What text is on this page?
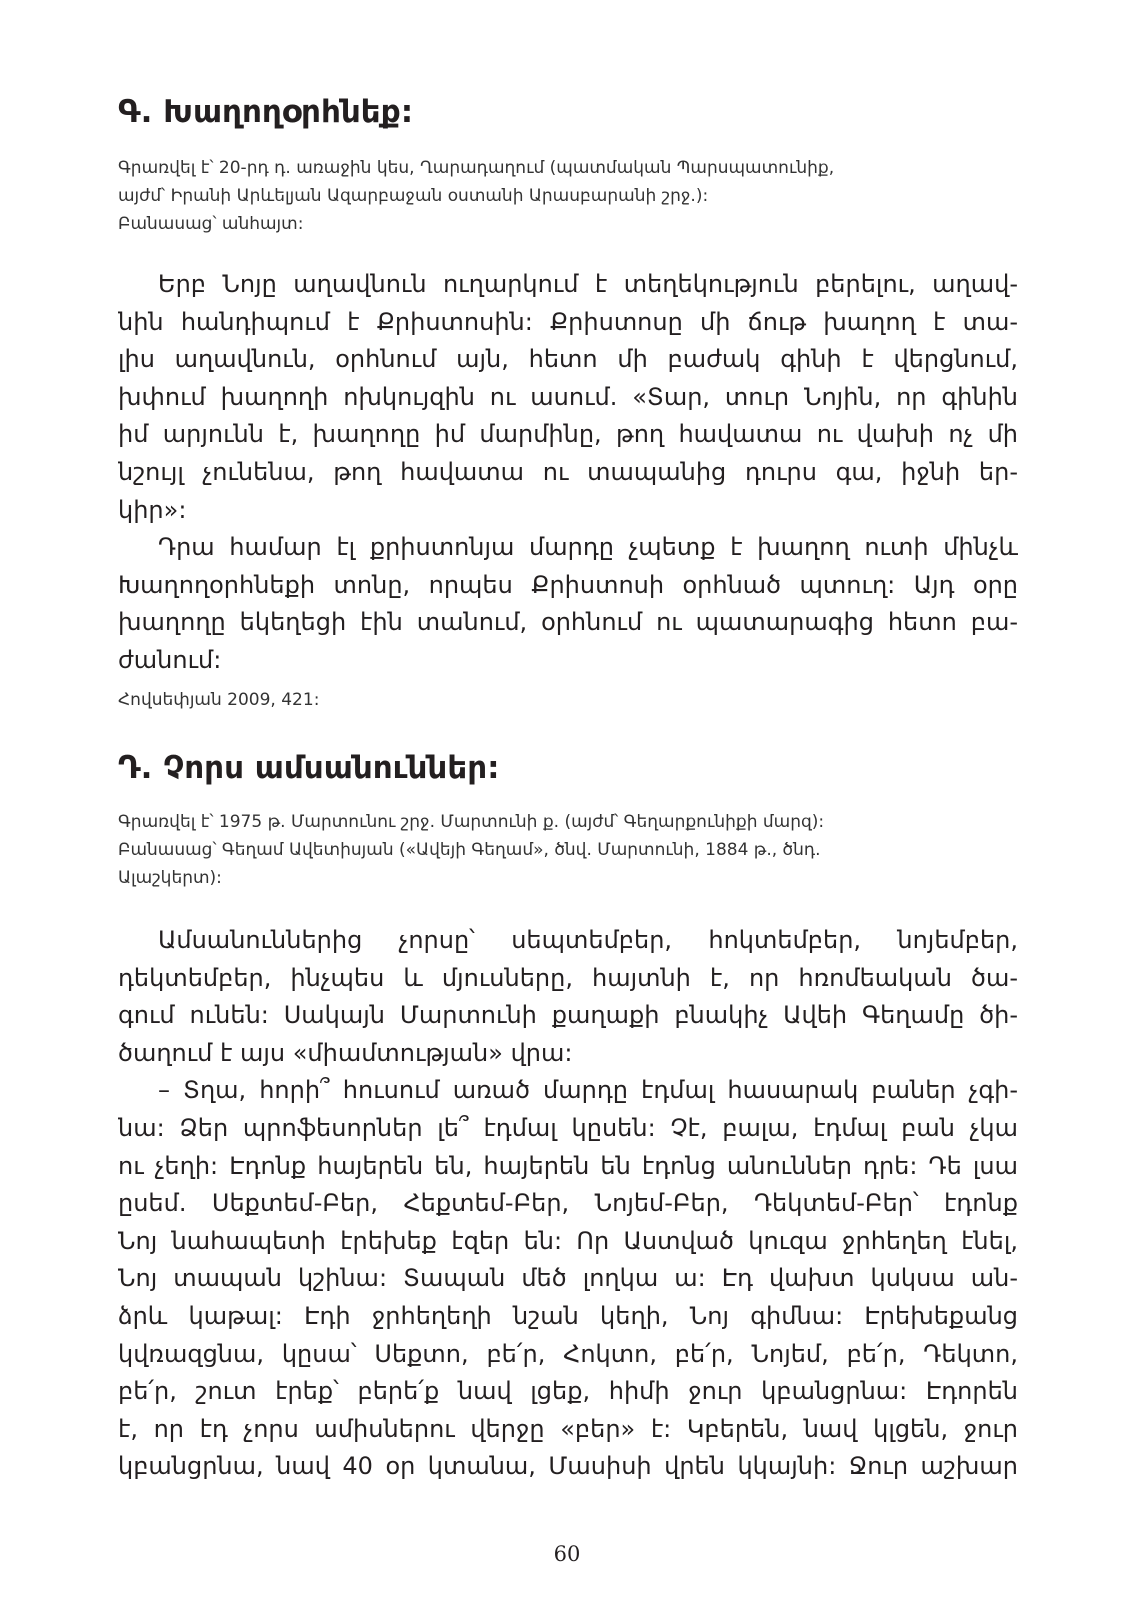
Գ. Խաղողօրհնեք:
Գրառվել է՝ 20-րդ դ. առաջին կես, Ղարադաղում (պատմական Պարսպատունիք,
այժմ՝ Իրանի Արևելյան Ազարբաջան օստանի Արասբարանի շրջ.):
Բանասաց՝ անհայտ:
Երբ Նոյը աղավնուն ուղարկում է տեղեկություն բերելու, աղավ-
նին հանդիպում է Քրիստոսին: Քրիստոսը մի ճութ խաղող է տա-
լիս աղավնուն, օրհնում այն, հետո մի բաժակ գինի է վերցնում,
խփում խաղողի ոխկույզին ու ասում. «Տար, տուր Նոյին, որ գինին
իմ արյունն է, խաղողը իմ մարմինը, թող հավատա ու վախի ոչ մի
նշույլ չունենա, թող հավատա ու տապանից դուրս գա, իջնի եր-
կիր»:
Դրա համար էլ քրիստոնյա մարդը չպետք է խաղող ուտի մինչև
Խաղողօրհնեքի տոնը, որպես Քրիստոսի օրհնած պտուղ: Այդ օրը
խաղողը եկեղեցի էին տանում, օրհնում ու պատարագից հետո բա-
ժանում:
Հովսեփյան 2009, 421:
Դ. Չորս ամսանուններ:
Գրառվել է՝ 1975 թ. Մարտունու շրջ. Մարտունի ք. (այժմ՝ Գեղարքունիքի մարզ):
Բանասաց՝ Գեղամ Ավետիսյան («Ավեյի Գեղամ», ծնվ. Մարտունի, 1884 թ., ծնդ.
Ալաշկերտ):
Ամսանուններից չորսը՝ սեպտեմբեր, հոկտեմբեր, նոյեմբեր,
դեկտեմբեր, ինչպես և մյուսները, հայտնի է, որ հռոմեական ծա-
գում ունեն: Սակայն Մարտունի քաղաքի բնակիչ Ավեի Գեղամը ծի-
ծաղում է այս «միամտության» վրա:
– Տղա, հորի՞ հուսում առած մարդը էդմալ հասարակ բաներ չգի-
նա: Ձեր պրոֆեսորներ լե՞ էդմալ կըսեն: Չէ, բալա, էդմալ բան չկա
ու չեղի: Էդոնք հայերեն են, հայերեն են էդոնց անուններ դրե: Դե լսա
ըսեմ. Սեքտեմ-Բեր, Հեքտեմ-Բեր, Նոյեմ-Բեր, Դեկտեմ-Բեր՝ էդոնք
Նոյ նահապետի էրեխեք էզեր են: Որ Աստված կուզա ջրհեղեղ էնել,
Նոյ տապան կշինա: Տապան մեծ լողկա ա: Էդ վախտ կսկսա ան-
ձրև կաթալ: Էդի ջրհեղեղի նշան կեղի, Նոյ գիմնա: Էրեխեքանց
կվռազցնա, կըսա՝ Սեքտո, բե՛ր, Հոկտո, բե՛ր, Նոյեմ, բե՛ր, Դեկտո,
բե՛ր, շուտ էրեք՝ բերե՛ք նավ լցեք, հիմի ջուր կբանցրնա: Էդորեն
է, որ էդ չորս ամիսներու վերջը «բեր» է: Կբերեն, նավ կլցեն, ջուր
կբանցրնա, նավ 40 օր կտանա, Մասիսի վրեն կկայնի: Ջուր աշխար
60
